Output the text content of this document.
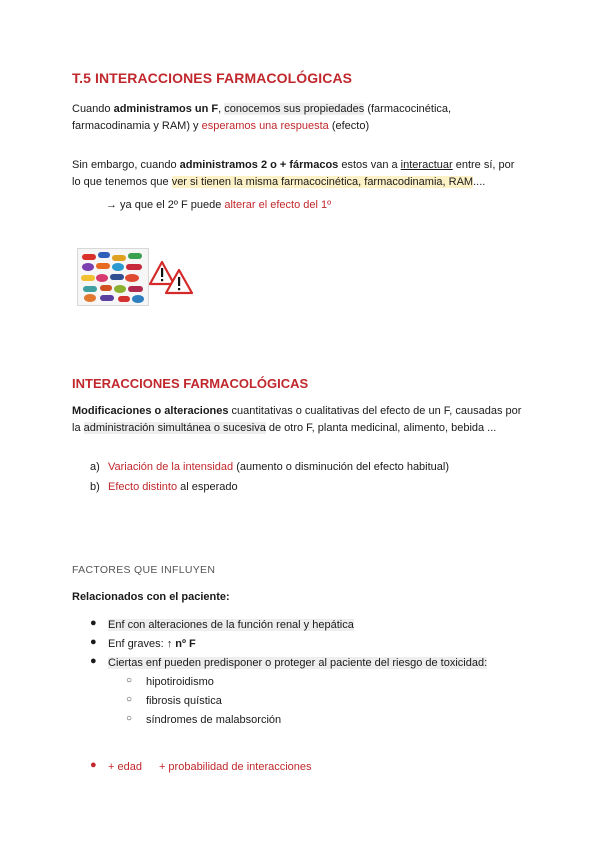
T.5 INTERACCIONES FARMACOLÓGICAS
Cuando administramos un F, conocemos sus propiedades (farmacocinética,
farmacodinamia y RAM) y esperamos una respuesta (efecto)
Sin embargo, cuando administramos 2 o + fármacos estos van a interactuar entre sí, por
lo que tenemos que ver si tienen la misma farmacocinética, farmacodinamia, RAM....
→ ya que el 2º F puede alterar el efecto del 1º
INTERACCIONES FARMACOLÓGICAS
Modificaciones o alteraciones cuantitativas o cualitativas del efecto de un F, causadas por
la administración simultánea o sucesiva de otro F, planta medicinal, alimento, bebida ...
a) Variación de la intensidad (aumento o disminución del efecto habitual)
b) Efecto distinto al esperado
FACTORES QUE INFLUYEN
Relacionados con el paciente:
● Enf con alteraciones de la función renal y hepática
● Enf graves: ↑ nº F
● Ciertas enf pueden predisponer o proteger al paciente del riesgo de toxicidad:
○ hipotiroidismo
○ fibrosis quística
○ síndromes de malabsorción
● + edad + probabilidad de interacciones
